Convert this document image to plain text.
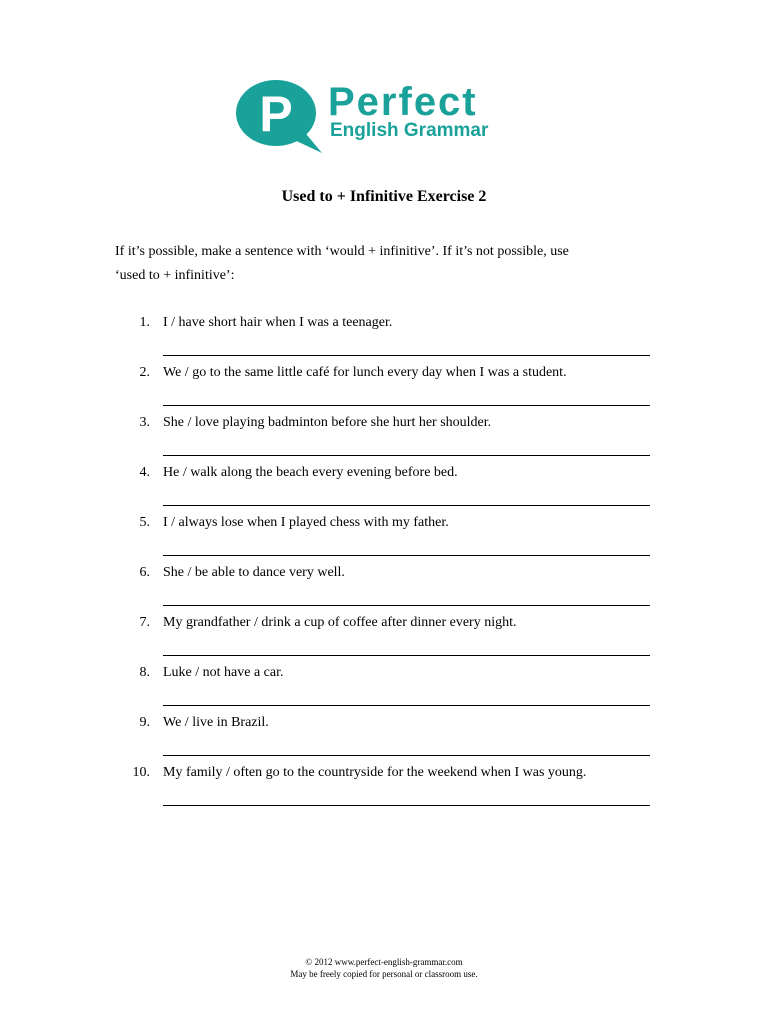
P Perfect
English Grammar
Used to + Infinitive Exercise 2
If it’s possible, make a sentence with ‘would + infinitive’. If it’s not possible, use
‘used to + infinitive’:
1. I / have short hair when I was a teenager.
2. We / go to the same little café for lunch every day when I was a student.
3. She / love playing badminton before she hurt her shoulder.
4. He / walk along the beach every evening before bed.
5. I / always lose when I played chess with my father.
6. She / be able to dance very well.
7. My grandfather / drink a cup of coffee after dinner every night.
8. Luke / not have a car.
9. We / live in Brazil.
10. My family / often go to the countryside for the weekend when I was young.
© 2012 www.perfect-english-grammar.com
May be freely copied for personal or classroom use.
